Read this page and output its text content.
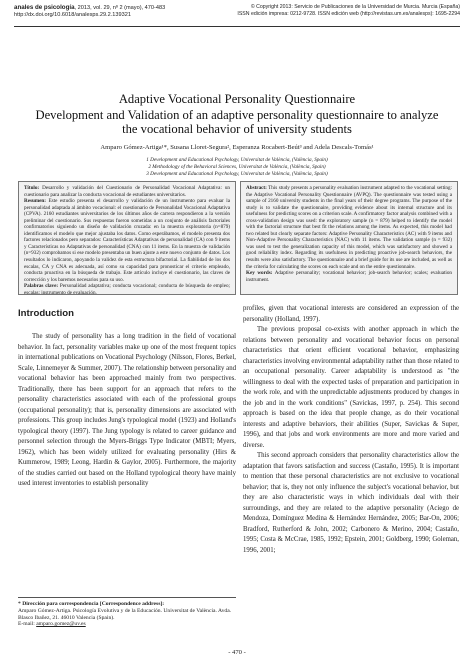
anales de psicología, 2013, vol. 29, nº 2 (mayo), 470-483
http://dx.doi.org/10.6018/analesps.29.2.139321
© Copyright 2013: Servicio de Publicaciones de la Universidad de Murcia. Murcia (España)
ISSN edición impresa: 0212-9728. ISSN edición web (http://revistas.um.es/analesps): 1695-2294
Adaptive Vocational Personality Questionnaire
Development and Validation of an adaptive personality questionnaire to analyze
the vocational behavior of university students
Amparo Gómez-Artiga¹*, Susana Lloret-Segura², Esperanza Rocabert-Beút³ and Adela Descals-Tomás¹
1 Development and Educational Psychology, Universitat de València, (València, Spain)
2 Methodology of the Behavioral Sciences, Universitat de València, (València, Spain)
3 Development and Educational Psychology, Universitat de València, (València, Spain)

Título: Desarrollo y validación del Cuestionario de Personalidad Vocacional Adaptativa: un cuestionario para analizar la conducta vocacional de estudiantes universitarios.

Resumen: Este estudio presenta el desarrollo y validación de un instrumento para evaluar la personalidad adaptada al ámbito vocacional: el cuestionario de Personalidad Vocacional Adaptativa (CPVA). 2160 estudiantes universitarios de los últimos años de carrera respondieron a la versión preliminar del cuestionario. Sus respuestas fueron sometidas a un conjunto de análisis factoriales confirmatorios siguiendo un diseño de validación cruzada: en la muestra exploratoria (n=879) identificamos el modelo que mejor ajustaba los datos. Como esperábamos, el modelo presenta dos factores relacionados pero separados: Características Adaptativas de personalidad (CA) con 9 items y Características no Adaptativas de personalidad (CNA) con 11 items. En la muestra de validación (n=932) comprobamos si ese modelo presentaba un buen ajuste a este nuevo conjunto de datos. Los resultados lo indicaron, apoyando la validez de esta estructura bifactorial. La fiabilidad de los dos escalas, CA y CNA es adecuada, así como su capacidad para pronosticar el criterio empleado, conducta proactiva en la búsqueda de trabajo. Este artículo incluye el cuestionario, las claves de corrección y los baremos necesarios para su uso.

Palabras clave: Personalidad adaptativa; conducta vocacional; conducta de búsqueda de empleo; escalas; instrumento de evaluación.

Abstract: This study presents a personality evaluation instrument adapted to the vocational setting: the Adaptive Vocational Personality Questionnaire (AVPQ). The questionnaire was tested using a sample of 2160 university students in the final years of their degree programs. The purpose of the study is to validate the questionnaire, providing evidence about its internal structure and its usefulness for predicting scores on a criterion scale. A confirmatory factor analysis combined with a cross-validation design was used: the exploratory sample (n = 879) helped to identify the model with the factorial structure that best fit the relations among the items. As expected, this model had two related but clearly separate factors: Adaptive Personality Characteristics (AC) with 9 items and Non-Adaptive Personality Characteristics (NAC) with 11 items. The validation sample (n = 932) was used to test the generalization capacity of this model, which was satisfactory and showed a good reliability index. Regarding its usefulness in predicting proactive job-search behaviors, the results were also satisfactory. The questionnaire and a brief guide for its use are included, as well as the criteria for calculating the scores on each scale and on the entire questionnaire.

Key words: Adaptive personality; vocational behavior; job-search behavior; scales; evaluation instrument.

Introduction

The study of personality has a long tradition in the field of vocational behavior. In fact, personality variables make up one of the most frequent topics in international publications on Vocational Psychology (Nilsson, Flores, Berkel, Scale, Linnemeyer & Summer, 2007). The relationship between personality and vocational behavior has been approached mainly from two perspectives. Traditionally, there has been support for an approach that refers to the personality characteristics associated with each of the professional groups (occupational personality); that is, personality dimensions are associated with professions. This group includes Jung's typological model (1923) and Holland's typological theory (1997). The Jung typology is related to career guidance and personnel selection through the Myers-Briggs Type Indicator (MBTI; Myers, 1962), which has been widely utilized for evaluating personality (Hirs & Kummerow, 1989; Leong, Hardin & Gaylor, 2005). Furthermore, the majority of the studies carried out based on the Holland typological theory have mainly used interest inventories to establish personality

profiles, given that vocational interests are considered an expression of the personality (Holland, 1997).

The previous proposal co-exists with another approach in which the relations between personality and vocational behavior focus on personal characteristics that orient efficient vocational behavior, emphasizing characteristics involving environmental adaptability rather than those related to an occupational personality. Career adaptability is understood as "the willingness to deal with the expected tasks of preparation and participation in the work role, and with the unpredictable adjustments produced by changes in the job and in the work conditions" (Savickas, 1997, p. 254). This second approach is based on the idea that people change, as do their vocational interests and adaptive behaviors, their abilities (Super, Savickas & Super, 1996), and that jobs and work environments are more and more varied and diverse.

This second approach considers that personality characteristics allow the adaptation that favors satisfaction and success (Castaño, 1995). It is important to mention that these personal characteristics are not exclusive to vocational behavior; that is, they not only influence the subject's vocational behavior, but they are also characteristic ways in which individuals deal with their surroundings, and they are related to the adaptive personality (Aciego de Mendoza, Domínguez Medina & Hernández Hernández, 2005; Bar-On, 2006; Bradford, Rutherford & John, 2002; Carbonero & Merino, 2004; Castaño, 1995; Costa & McCrae, 1985, 1992; Epstein, 2001; Goldberg, 1990; Goleman, 1996, 2001;

* Dirección para correspondencia [Correspondence address]:
Amparo Gómez-Artiga. Psicología Evolutiva y de la Educación. Universitat de València. Avda. Blasco Ibañez, 21. 46010 Valencia (Spain).
E-mail: amparo.gomez@uv.es
- 470 -
